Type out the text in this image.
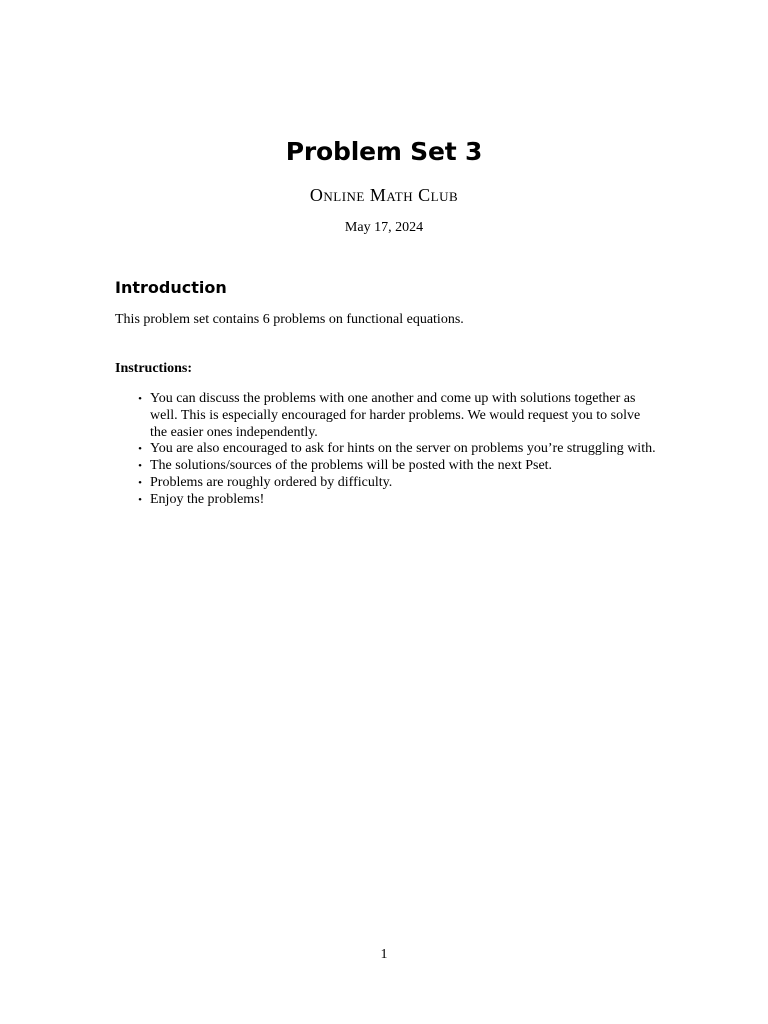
Problem Set 3
Online Math Club
May 17, 2024
Introduction

This problem set contains 6 problems on functional equations.

Instructions:
• You can discuss the problems with one another and come up with solutions together as well. This is especially encouraged for harder problems. We would request you to solve the easier ones independently.
• You are also encouraged to ask for hints on the server on problems you’re struggling with.
• The solutions/sources of the problems will be posted with the next Pset.
• Problems are roughly ordered by difficulty.
• Enjoy the problems!
1
